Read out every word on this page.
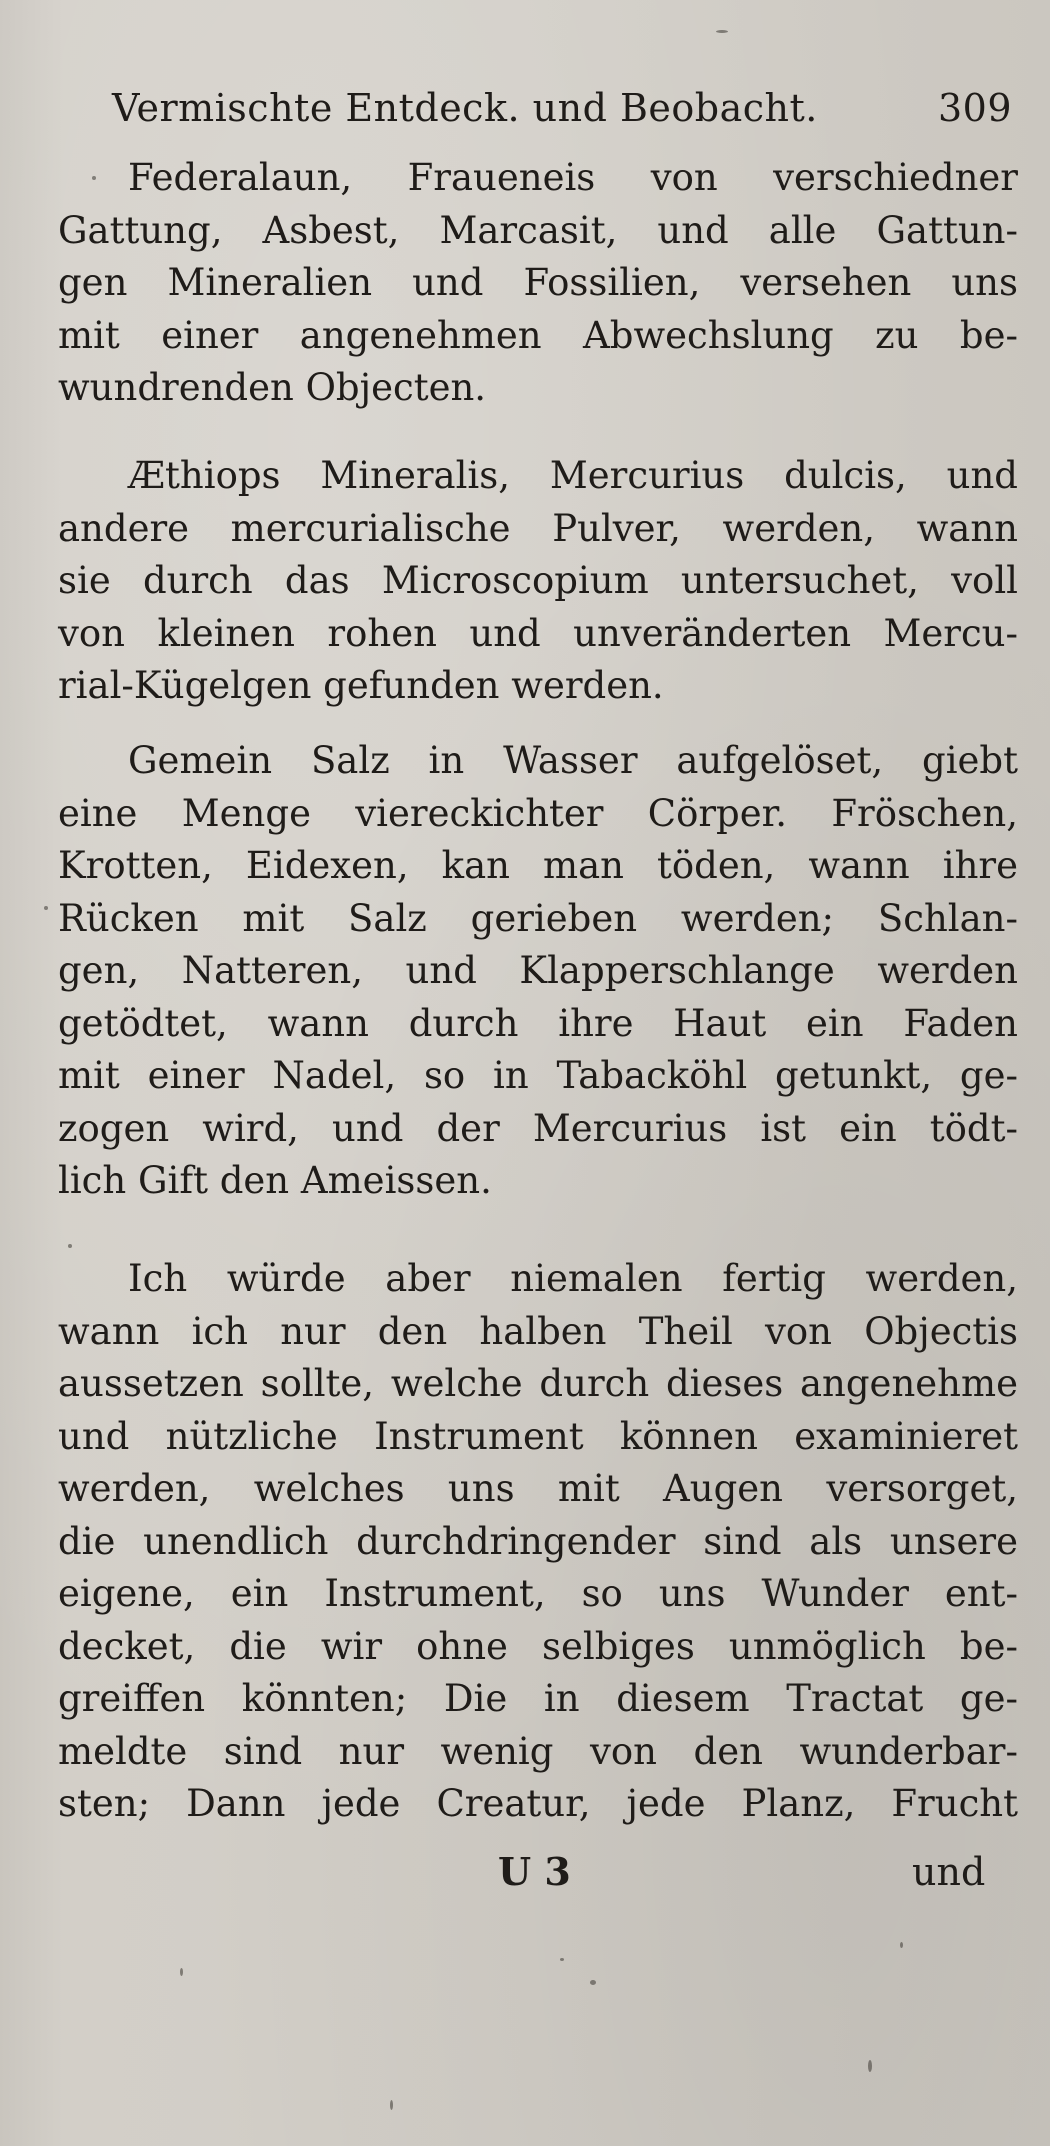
Vermischte Entdeck. und Beobacht.	309
Federalaun, Fraueneis von verschiedner
Gattung, Asbest, Marcasit, und alle Gattun-
gen Mineralien und Fossilien, versehen uns
mit einer angenehmen Abwechslung zu be-
wundrenden Objecten.
Æthiops Mineralis, Mercurius dulcis, und
andere mercurialische Pulver, werden, wann
sie durch das Microscopium untersuchet, voll
von kleinen rohen und unveränderten Mercu-
rial-Kügelgen gefunden werden.
Gemein Salz in Wasser aufgelöset, giebt
eine Menge viereckichter Cörper. Fröschen,
Krotten, Eidexen, kan man töden, wann ihre
Rücken mit Salz gerieben werden; Schlan-
gen, Natteren, und Klapperschlange werden
getödtet, wann durch ihre Haut ein Faden
mit einer Nadel, so in Tabacköhl getunkt, ge-
zogen wird, und der Mercurius ist ein tödt-
lich Gift den Ameissen.
Ich würde aber niemalen fertig werden,
wann ich nur den halben Theil von Objectis
aussetzen sollte, welche durch dieses angenehme
und nützliche Instrument können examinieret
werden, welches uns mit Augen versorget,
die unendlich durchdringender sind als unsere
eigene, ein Instrument, so uns Wunder ent-
decket, die wir ohne selbiges unmöglich be-
greiffen könnten; Die in diesem Tractat ge-
meldte sind nur wenig von den wunderbar-
sten; Dann jede Creatur, jede Planz, Frucht
U 3	und
